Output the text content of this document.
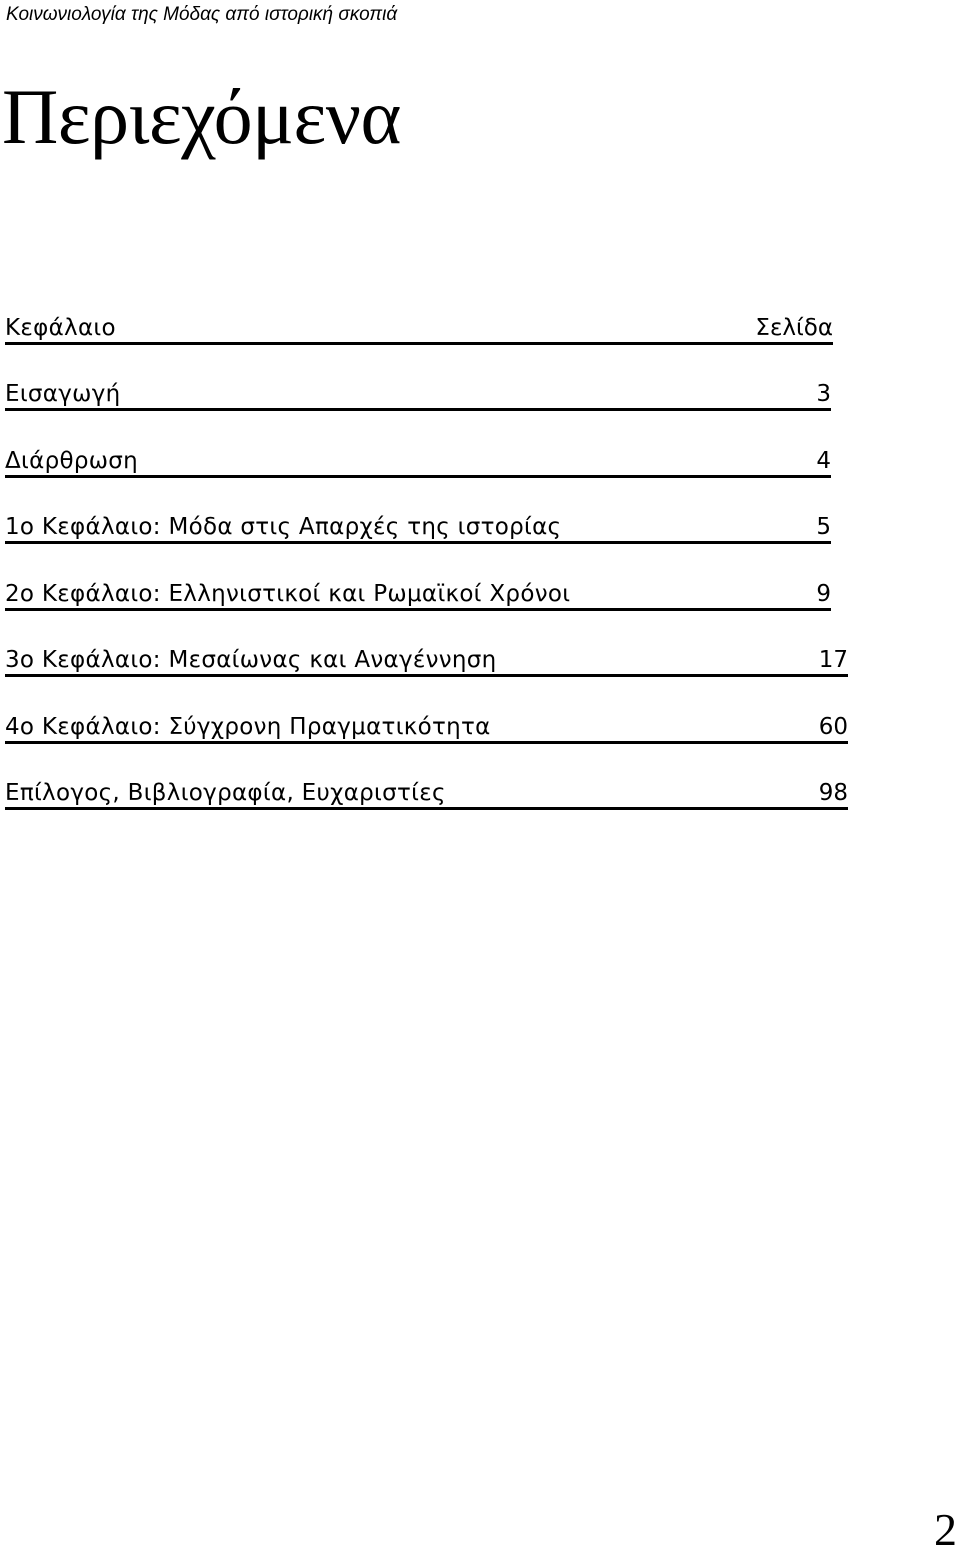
Κοινωνιολογία της Μόδας από ιστορική σκοπιά
Περιεχόμενα
Κεφάλαιο	Σελίδα
Εισαγωγή	3
Διάρθρωση	4
1ο Κεφάλαιο: Μόδα στις Απαρχές της ιστορίας	5
2ο Κεφάλαιο: Ελληνιστικοί και Ρωμαϊκοί Χρόνοι	9
3ο Κεφάλαιο: Μεσαίωνας και Αναγέννηση	17
4ο Κεφάλαιο: Σύγχρονη Πραγματικότητα	60
Επίλογος, Βιβλιογραφία, Ευχαριστίες	98
2
